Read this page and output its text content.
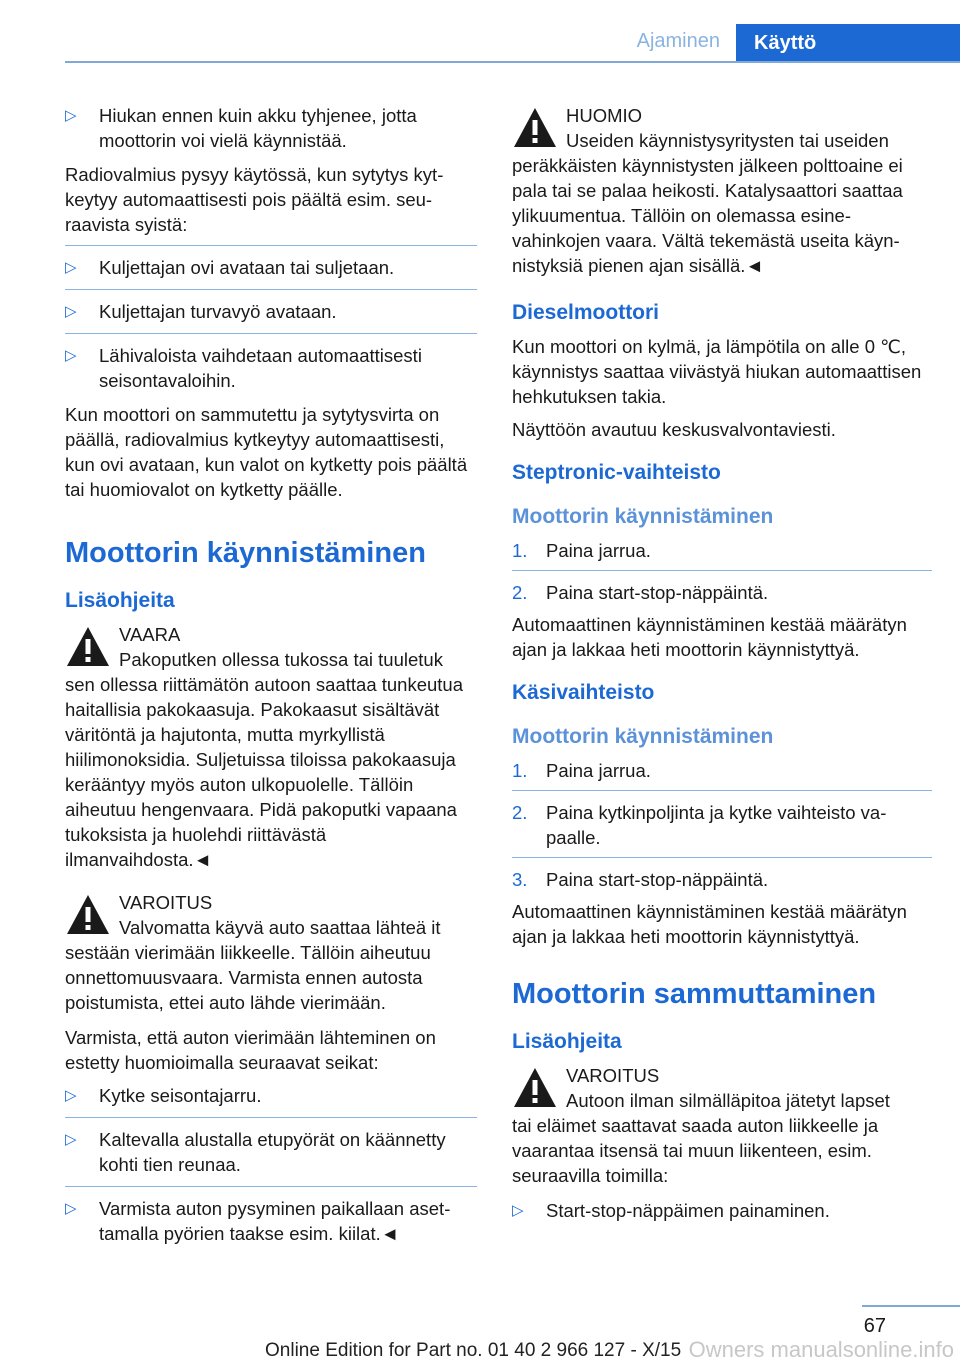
Ajaminen	Käyttö
▷ Hiukan ennen kuin akku tyhjenee, jotta moottorin voi vielä käynnistää.

Radiovalmius pysyy käytössä, kun sytytys kytkeytyy automaattisesti pois päältä esim. seuraavista syistä:

▷ Kuljettajan ovi avataan tai suljetaan.
▷ Kuljettajan turvavyö avataan.
▷ Lähivaloista vaihdetaan automaattisesti seisontavaloihin.

Kun moottori on sammutettu ja sytytysvirta on päällä, radiovalmius kytkeytyy automaattisesti, kun ovi avataan, kun valot on kytketty pois päältä tai huomiovalot on kytketty päälle.

Moottorin käynnistäminen
Lisäohjeita
VAARA
Pakoputken ollessa tukossa tai tuuletuk
sen ollessa riittämätön autoon saattaa tunkeutua haitallisia pakokaasuja. Pakokaasut sisältävät väritöntä ja hajutonta, mutta myrkyllistä hiilimonoksidia. Suljetuissa tiloissa pakokaasuja kerääntyy myös auton ulkopuolelle. Tällöin aiheutuu hengenvaara. Pidä pakoputki vapaana tukoksista ja huolehdi riittävästä ilmanvaihdosta.◄
VAROITUS
Valvomatta käyvä auto saattaa lähteä it
sestään vierimään liikkeelle. Tällöin aiheutuu onnettomuusvaara. Varmista ennen autosta poistumista, ettei auto lähde vierimään.

Varmista, että auton vierimään lähteminen on estetty huomioimalla seuraavat seikat:

▷ Kytke seisontajarru.
▷ Kaltevalla alustalla etupyörät on käännetty kohti tien reunaa.
▷ Varmista auton pysyminen paikallaan asettamalla pyörien taakse esim. kiilat.◄
HUOMIO
Useiden käynnistysyritysten tai useiden
peräkkäisten käynnistysten jälkeen polttoaine ei pala tai se palaa heikosti. Katalysaattori saattaa ylikuumentua. Tällöin on olemassa esinevahinkojen vaara. Vältä tekemästä useita käynnistyksiä pienen ajan sisällä.◄
Dieselmoottori

Kun moottori on kylmä, ja lämpötila on alle 0 ℃, käynnistys saattaa viivästyä hiukan automaattisen hehkutuksen takia.

Näyttöön avautuu keskusvalvontaviesti.

Steptronic-vaihteisto
Moottorin käynnistäminen
1. Paina jarrua.
2. Paina start-stop-näppäintä.

Automaattinen käynnistäminen kestää määrätyn ajan ja lakkaa heti moottorin käynnistyttyä.

Käsivaihteisto
Moottorin käynnistäminen
1. Paina jarrua.
2. Paina kytkinpoljinta ja kytke vaihteisto vapaalle.
3. Paina start-stop-näppäintä.

Automaattinen käynnistäminen kestää määrätyn ajan ja lakkaa heti moottorin käynnistyttyä.

Moottorin sammuttaminen
Lisäohjeita
VAROITUS
Autoon ilman silmälläpitoa jätetyt lapset
tai eläimet saattavat saada auton liikkeelle ja vaarantaa itsensä tai muun liikenteen, esim. seuraavilla toimilla:
▷ Start-stop-näppäimen painaminen.
67
Online Edition for Part no. 01 40 2 966 127 - X/15 Owners manualsonline.info
